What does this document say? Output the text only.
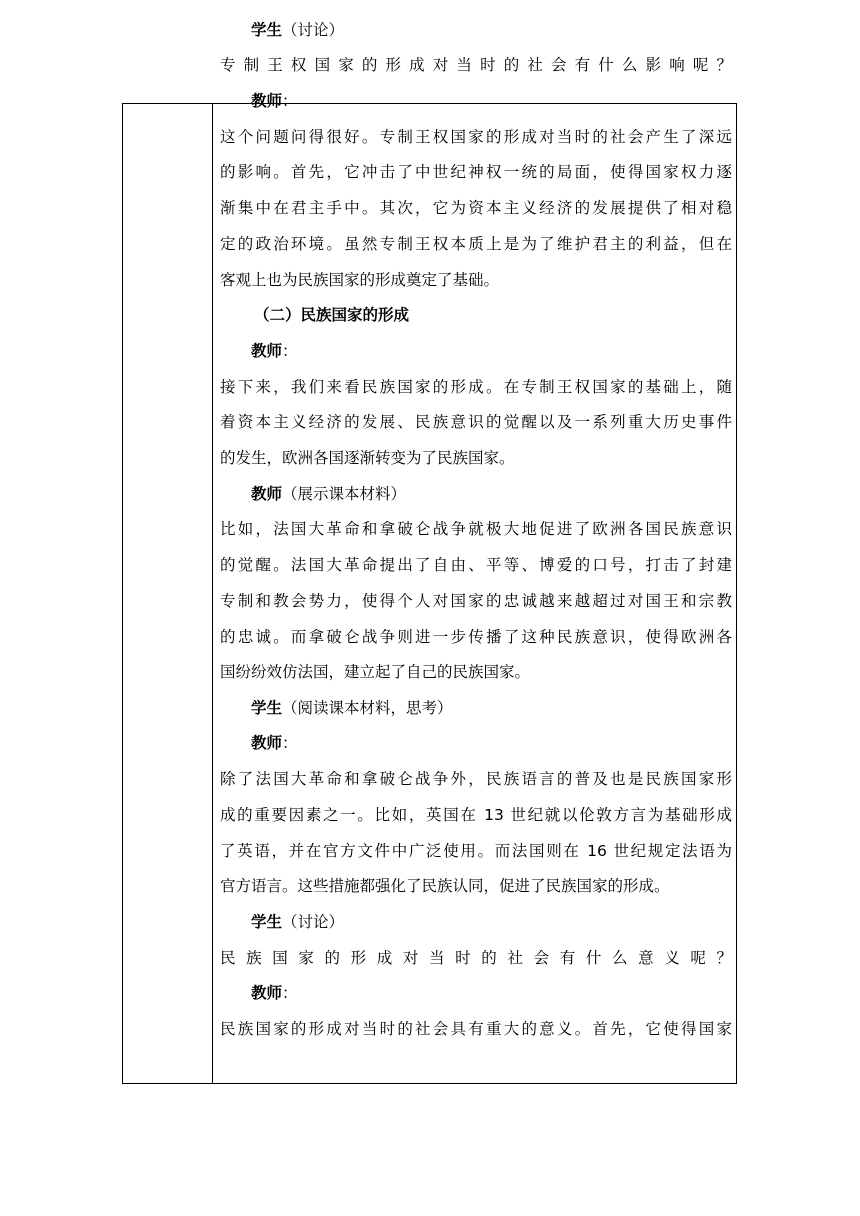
学生（讨论）
专制王权国家的形成对当时的社会有什么影响呢？
教师：
这个问题问得很好。专制王权国家的形成对当时的社会产生了深远
的影响。首先，它冲击了中世纪神权一统的局面，使得国家权力逐
渐集中在君主手中。其次，它为资本主义经济的发展提供了相对稳
定的政治环境。虽然专制王权本质上是为了维护君主的利益，但在
客观上也为民族国家的形成奠定了基础。
（二）民族国家的形成
教师：
接下来，我们来看民族国家的形成。在专制王权国家的基础上，随
着资本主义经济的发展、民族意识的觉醒以及一系列重大历史事件
的发生，欧洲各国逐渐转变为了民族国家。
教师（展示课本材料）
比如，法国大革命和拿破仑战争就极大地促进了欧洲各国民族意识
的觉醒。法国大革命提出了自由、平等、博爱的口号，打击了封建
专制和教会势力，使得个人对国家的忠诚越来越超过对国王和宗教
的忠诚。而拿破仑战争则进一步传播了这种民族意识，使得欧洲各
国纷纷效仿法国，建立起了自己的民族国家。
学生（阅读课本材料，思考）
教师：
除了法国大革命和拿破仑战争外，民族语言的普及也是民族国家形
成的重要因素之一。比如，英国在 13 世纪就以伦敦方言为基础形成
了英语，并在官方文件中广泛使用。而法国则在 16 世纪规定法语为
官方语言。这些措施都强化了民族认同，促进了民族国家的形成。
学生（讨论）
民族国家的形成对当时的社会有什么意义呢？
教师：
民族国家的形成对当时的社会具有重大的意义。首先，它使得国家
